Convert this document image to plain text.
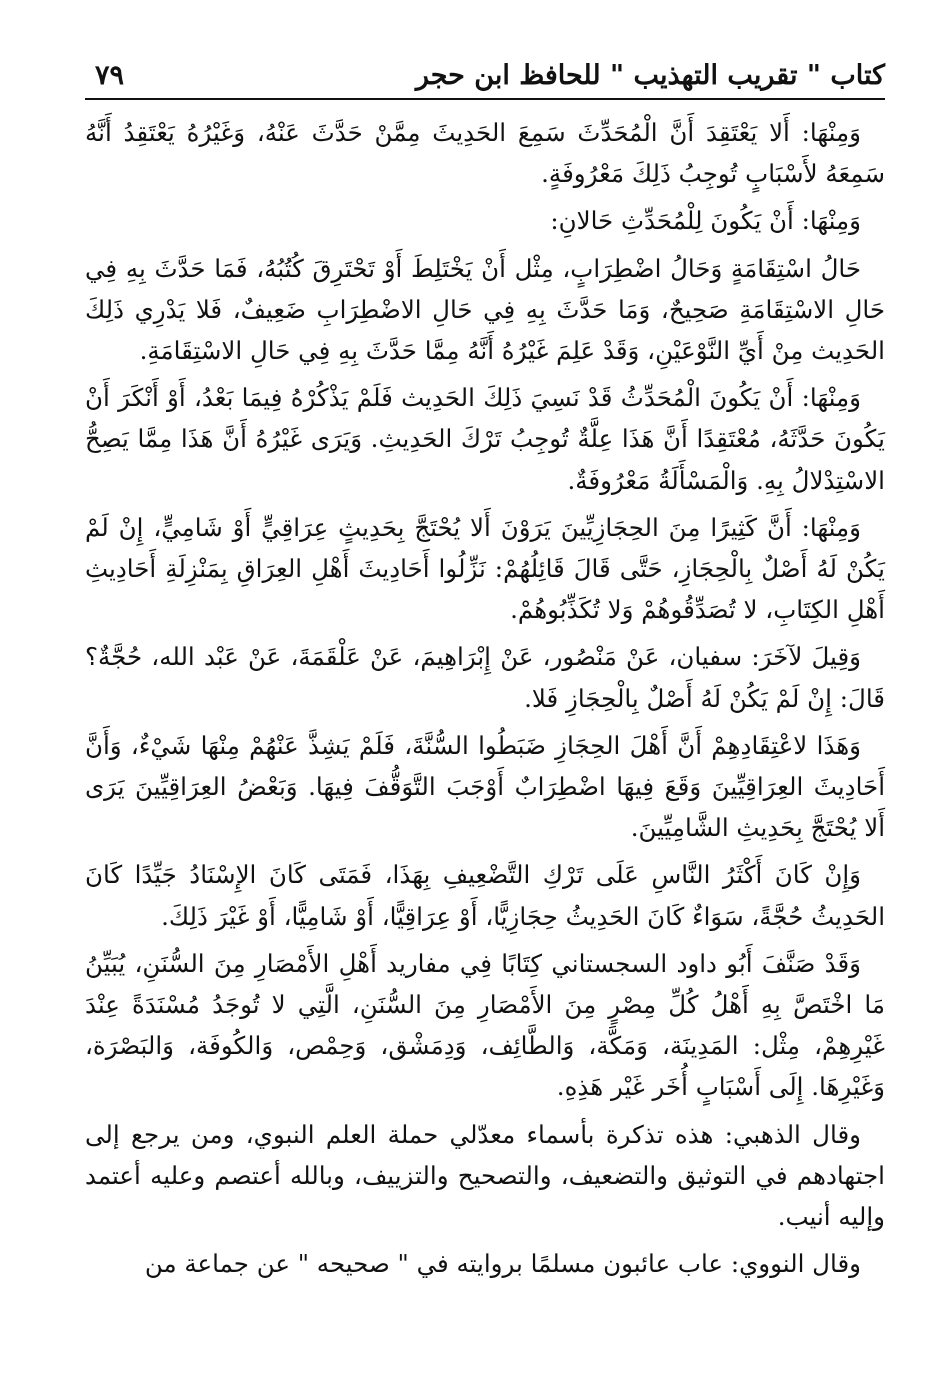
كتاب " تقريب التهذيب " للحافظ ابن حجر
٧٩

وَمِنْهَا: أَلا يَعْتَقِدَ أَنَّ الْمُحَدِّثَ سَمِعَ الحَدِيثَ مِمَّنْ حَدَّثَ عَنْهُ، وَغَيْرُهُ يَعْتَقِدُ أَنَّهُ سَمِعَهُ لأَسْبَابٍ تُوجِبُ ذَلِكَ مَعْرُوفَةٍ.

وَمِنْهَا: أَنْ يَكُونَ لِلْمُحَدِّثِ حَالانِ:

حَالُ اسْتِقَامَةٍ وَحَالُ اضْطِرَابٍ، مِثْل أَنْ يَخْتَلِطَ أَوْ تَحْتَرِقَ كُتُبُهُ، فَمَا حَدَّثَ بِهِ فِي حَالِ الاسْتِقَامَةِ صَحِيحٌ، وَمَا حَدَّثَ بِهِ فِي حَالِ الاضْطِرَابِ ضَعِيفٌ، فَلا يَدْرِي ذَلِكَ الحَدِيث مِنْ أَيِّ النَّوْعَيْنِ، وَقَدْ عَلِمَ غَيْرُهُ أَنَّهُ مِمَّا حَدَّثَ بِهِ فِي حَالِ الاسْتِقَامَةِ.

وَمِنْهَا: أَنْ يَكُونَ الْمُحَدِّثُ قَدْ نَسِيَ ذَلِكَ الحَدِيث فَلَمْ يَذْكُرْهُ فِيمَا بَعْدُ، أَوْ أَنْكَرَ أَنْ يَكُونَ حَدَّثَهُ، مُعْتَقِدًا أَنَّ هَذَا عِلَّةٌ تُوجِبُ تَرْكَ الحَدِيثِ. وَيَرَى غَيْرُهُ أَنَّ هَذَا مِمَّا يَصِحُّ الاسْتِدْلالُ بِهِ. وَالْمَسْأَلَةُ مَعْرُوفَةٌ.

وَمِنْهَا: أَنَّ كَثِيرًا مِنَ الحِجَازِيِّينَ يَرَوْنَ أَلا يُحْتَجَّ بِحَدِيثٍ عِرَاقِيٍّ أَوْ شَامِيٍّ، إِنْ لَمْ يَكُنْ لَهُ أَصْلٌ بِالْحِجَازِ، حَتَّى قَالَ قَائِلُهُمْ: نَزِّلُوا أَحَادِيثَ أَهْلِ العِرَاقِ بِمَنْزِلَةِ أَحَادِيثِ أَهْلِ الكِتَابِ، لا تُصَدِّقُوهُمْ وَلا تُكَذِّبُوهُمْ.

وَقِيلَ لآخَرَ: سفيان، عَنْ مَنْصُور، عَنْ إِبْرَاهِيمَ، عَنْ عَلْقَمَةَ، عَنْ عَبْد الله، حُجَّةٌ؟ قَالَ: إِنْ لَمْ يَكُنْ لَهُ أَصْلٌ بِالْحِجَازِ فَلا.

وَهَذَا لاعْتِقَادِهِمْ أَنَّ أَهْلَ الحِجَازِ ضَبَطُوا السُّنَّةَ، فَلَمْ يَشِذَّ عَنْهُمْ مِنْهَا شَيْءٌ، وَأَنَّ أَحَادِيثَ العِرَاقِيِّينَ وَقَعَ فِيهَا اضْطِرَابٌ أَوْجَبَ التَّوَقُّفَ فِيهَا. وَبَعْضُ العِرَاقِيِّينَ يَرَى أَلا يُحْتَجَّ بِحَدِيثِ الشَّامِيِّينَ.

وَإِنْ كَانَ أَكْثَرُ النَّاسِ عَلَى تَرْكِ التَّضْعِيفِ بِهَذَا، فَمَتَى كَانَ الإِسْنَادُ جَيِّدًا كَانَ الحَدِيثُ حُجَّةً، سَوَاءٌ كَانَ الحَدِيثُ حِجَازِيًّا، أَوْ عِرَاقِيًّا، أَوْ شَامِيًّا، أَوْ غَيْرَ ذَلِكَ.

وَقَدْ صَنَّفَ أَبُو داود السجستاني كِتَابًا فِي مفاريد أَهْلِ الأَمْصَارِ مِنَ السُّنَنِ، يُبَيِّنُ مَا اخْتَصَّ بِهِ أَهْلُ كُلِّ مِصْرٍ مِنَ الأَمْصَارِ مِنَ السُّنَنِ، الَّتِي لا تُوجَدُ مُسْنَدَةً عِنْدَ غَيْرِهِمْ، مِثْل: المَدِينَة، وَمَكَّة، وَالطَّائِف، وَدِمَشْق، وَحِمْص، وَالكُوفَة، وَالبَصْرَة، وَغَيْرِهَا. إِلَى أَسْبَابٍ أُخَر غَيْر هَذِهِ.

وقال الذهبي: هذه تذكرة بأسماء معدّلي حملة العلم النبوي، ومن يرجع إلى اجتهادهم في التوثيق والتضعيف، والتصحيح والتزييف، وبالله أعتصم وعليه أعتمد وإليه أنيب.

وقال النووي: عاب عائبون مسلمًا بروايته في " صحيحه " عن جماعة من
